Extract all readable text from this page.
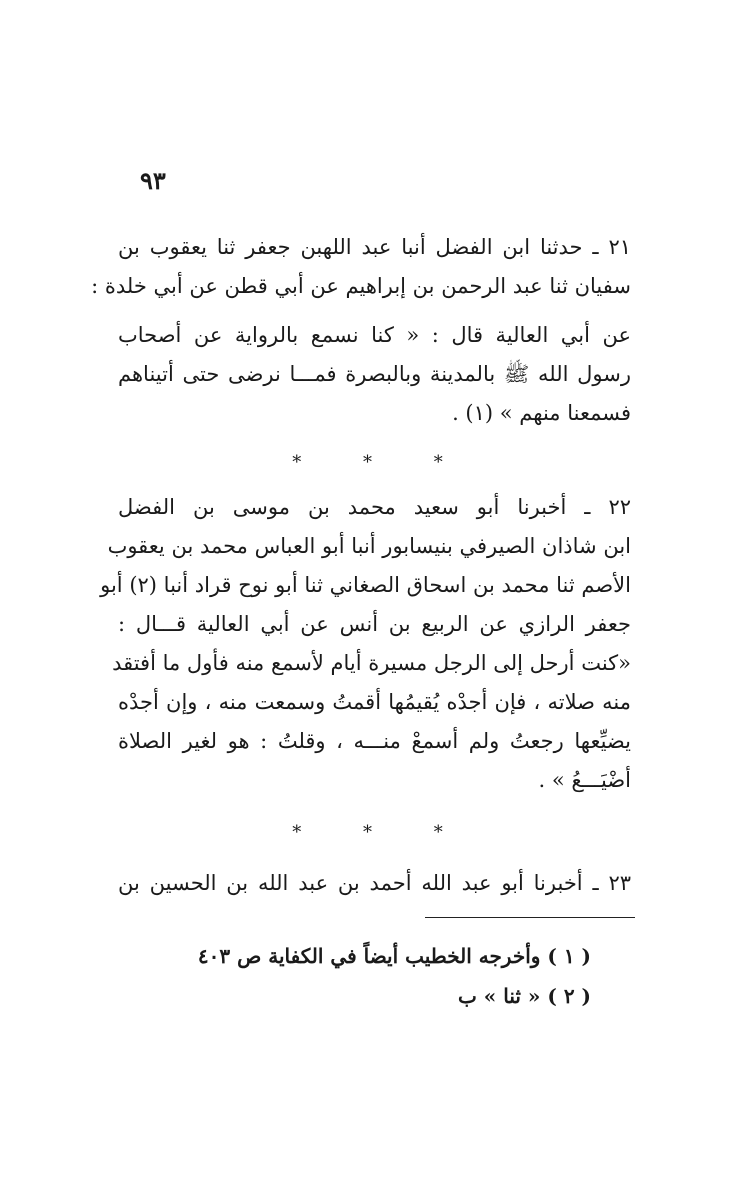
٩٣
٢١ ـ حدثنا ابن الفضل أنبا عبد اللهبن جعفر ثنا يعقوب بن
سفيان ثنا عبد الرحمن بن إبراهيم عن أبي قطن عن أبي خلدة :
عن أبي العالية قال : « كنا نسمع بالرواية عن أصحاب
رسول الله ﷺ بالمدينة وبالبصرة فمـــا نرضى حتى أتيناهم
فسمعنا منهم » (١) .
* * *
٢٢ ـ أخبرنا أبو سعيد محمد بن موسى بن الفضل
ابن شاذان الصيرفي بنيسابور أنبا أبو العباس محمد بن يعقوب
الأصم ثنا محمد بن اسحاق الصغاني ثنا أبو نوح قراد أنبا (٢) أبو
جعفر الرازي عن الربيع بن أنس عن أبي العالية قـــال :
«كنت أرحل إلى الرجل مسيرة أيام لأسمع منه فأول ما أفتقد
منه صلاته ، فإن أجدْه يُقيمُها أقمتُ وسمعت منه ، وإن أجدْه
يضيِّعها رجعتُ ولم أسمعْ منـــه ، وقلتُ : هو لغير الصلاة
أضْيَـــعُ » .
* * *
٢٣ ـ أخبرنا أبو عبد الله أحمد بن عبد الله بن الحسين بن
( ١ ) وأخرجه الخطيب أيضاً في الكفاية ص ٤٠٣
( ٢ ) « ثنا » ب
